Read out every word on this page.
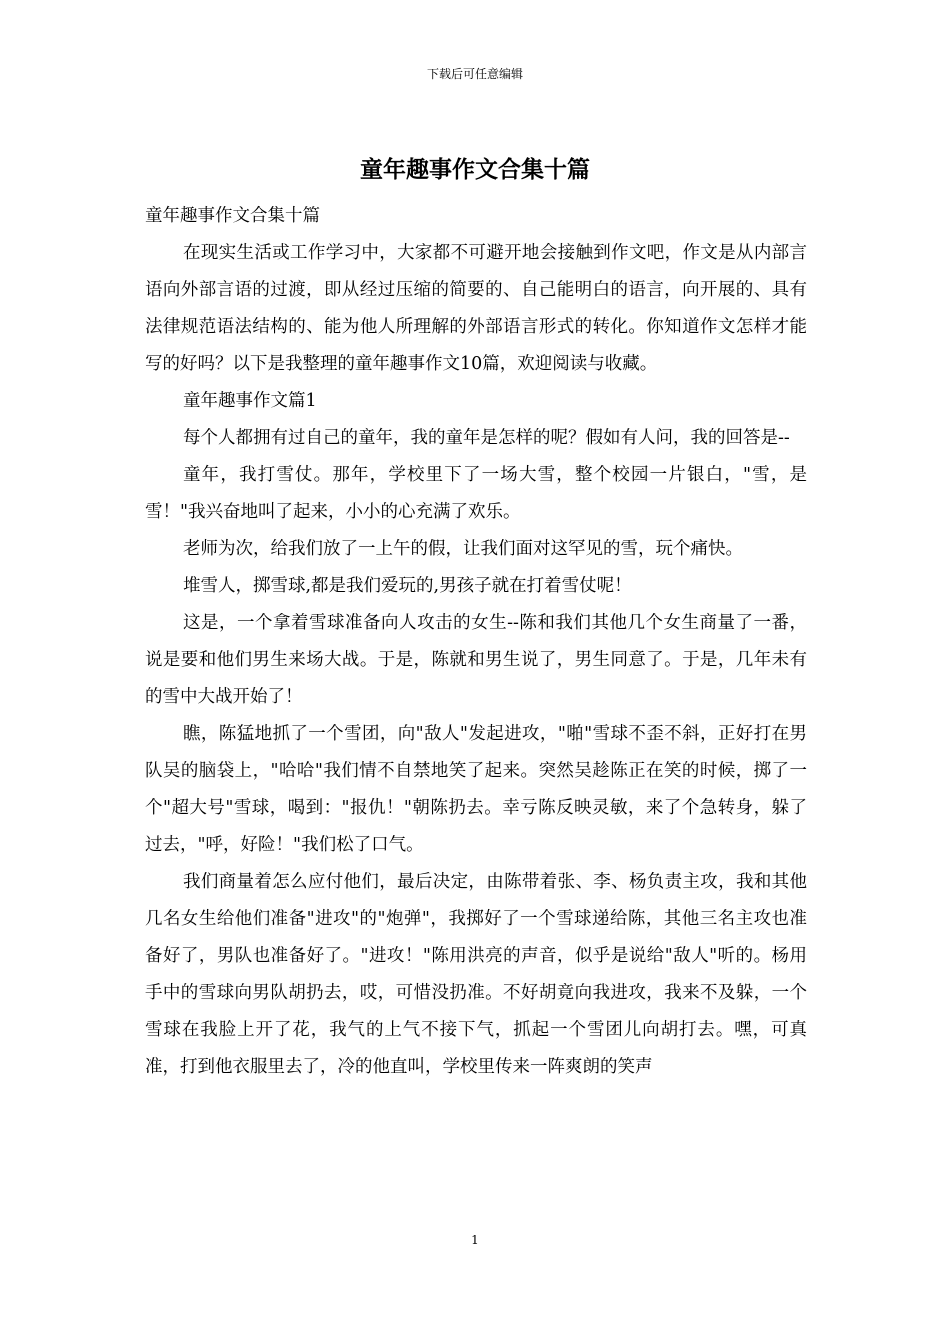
下载后可任意编辑
童年趣事作文合集十篇

童年趣事作文合集十篇

在现实生活或工作学习中，大家都不可避开地会接触到作文吧，作文是从内部言语向外部言语的过渡，即从经过压缩的简要的、自己能明白的语言，向开展的、具有法律规范语法结构的、能为他人所理解的外部语言形式的转化。你知道作文怎样才能写的好吗？以下是我整理的童年趣事作文10篇，欢迎阅读与收藏。

童年趣事作文篇1

每个人都拥有过自己的童年，我的童年是怎样的呢？假如有人问，我的回答是--

童年，我打雪仗。那年，学校里下了一场大雪，整个校园一片银白，"雪，是雪！"我兴奋地叫了起来，小小的心充满了欢乐。

老师为次，给我们放了一上午的假，让我们面对这罕见的雪，玩个痛快。

堆雪人，掷雪球,都是我们爱玩的,男孩子就在打着雪仗呢！

这是，一个拿着雪球准备向人攻击的女生--陈和我们其他几个女生商量了一番，说是要和他们男生来场大战。于是，陈就和男生说了，男生同意了。于是，几年未有的雪中大战开始了！

瞧，陈猛地抓了一个雪团，向"敌人"发起进攻，"啪"雪球不歪不斜，正好打在男队吴的脑袋上，"哈哈"我们情不自禁地笑了起来。突然吴趁陈正在笑的时候，掷了一个"超大号"雪球，喝到："报仇！"朝陈扔去。幸亏陈反映灵敏，来了个急转身，躲了过去，"呼，好险！"我们松了口气。

我们商量着怎么应付他们，最后决定，由陈带着张、李、杨负责主攻，我和其他几名女生给他们准备"进攻"的"炮弹"，我掷好了一个雪球递给陈，其他三名主攻也准备好了，男队也准备好了。"进攻！"陈用洪亮的声音，似乎是说给"敌人"听的。杨用手中的雪球向男队胡扔去，哎，可惜没扔准。不好胡竟向我进攻，我来不及躲，一个雪球在我脸上开了花，我气的上气不接下气，抓起一个雪团儿向胡打去。嘿，可真准，打到他衣服里去了，冷的他直叫，学校里传来一阵爽朗的笑声

1
